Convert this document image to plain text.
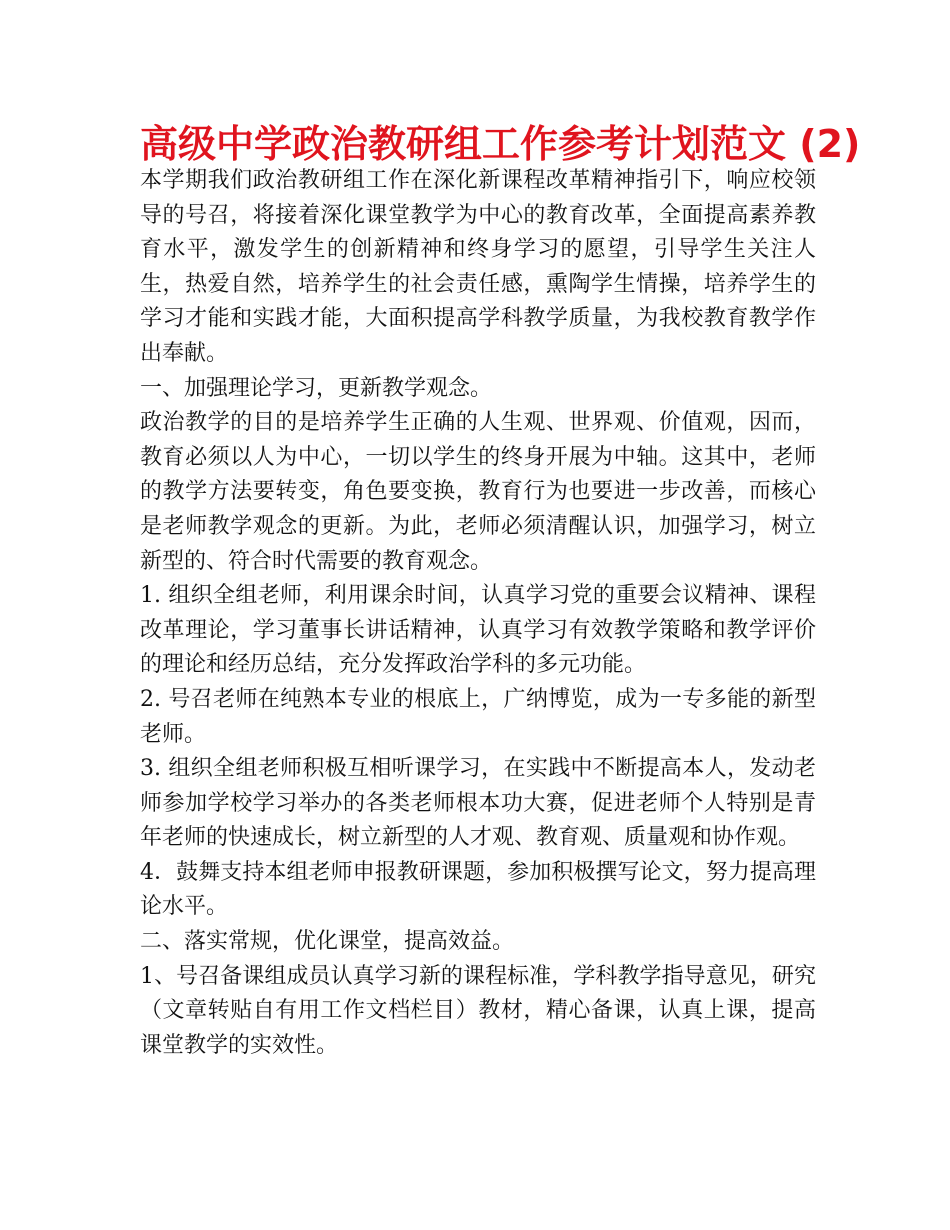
高级中学政治教研组工作参考计划范文 (2)

本学期我们政治教研组工作在深化新课程改革精神指引下，响应校领导的号召，将接着深化课堂教学为中心的教育改革，全面提高素养教育水平，激发学生的创新精神和终身学习的愿望，引导学生关注人生，热爱自然，培养学生的社会责任感，熏陶学生情操，培养学生的学习才能和实践才能，大面积提高学科教学质量，为我校教育教学作出奉献。

一、加强理论学习，更新教学观念。

政治教学的目的是培养学生正确的人生观、世界观、价值观，因而，教育必须以人为中心，一切以学生的终身开展为中轴。这其中，老师的教学方法要转变，角色要变换，教育行为也要进一步改善，而核心是老师教学观念的更新。为此，老师必须清醒认识，加强学习，树立新型的、符合时代需要的教育观念。

1. 组织全组老师，利用课余时间，认真学习党的重要会议精神、课程改革理论，学习董事长讲话精神，认真学习有效教学策略和教学评价的理论和经历总结，充分发挥政治学科的多元功能。

2. 号召老师在纯熟本专业的根底上，广纳博览，成为一专多能的新型老师。

3. 组织全组老师积极互相听课学习，在实践中不断提高本人，发动老师参加学校学习举办的各类老师根本功大赛，促进老师个人特别是青年老师的快速成长，树立新型的人才观、教育观、质量观和协作观。

4．鼓舞支持本组老师申报教研课题，参加积极撰写论文，努力提高理论水平。

二、落实常规，优化课堂，提高效益。

1、号召备课组成员认真学习新的课程标准，学科教学指导意见，研究（文章转贴自有用工作文档栏目）教材，精心备课，认真上课，提高课堂教学的实效性。
